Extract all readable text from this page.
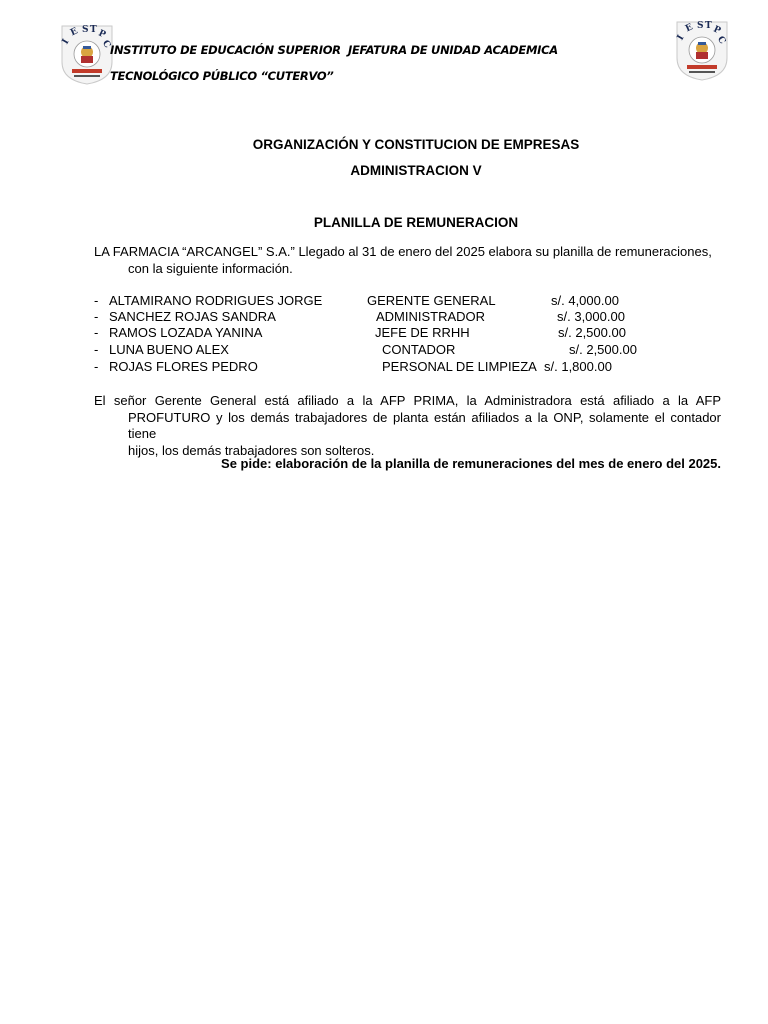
I
E S T P
C
I
E S T P
C
INSTITUTO DE EDUCACIÓN SUPERIOR JEFATURA DE UNIDAD ACADEMICA
TECNOLÓGICO PÚBLICO “CUTERVO”
ORGANIZACIÓN Y CONSTITUCION DE EMPRESAS
ADMINISTRACION V
PLANILLA DE REMUNERACION
LA FARMACIA “ARCANGEL” S.A.” Llegado al 31 de enero del 2025 elabora su planilla de remuneraciones,
con la siguiente información.
- ALTAMIRANO RODRIGUES JORGE	GERENTE GENERAL	s/. 4,000.00
- SANCHEZ ROJAS SANDRA	ADMINISTRADOR	s/. 3,000.00
- RAMOS LOZADA YANINA	JEFE DE RRHH	s/. 2,500.00
- LUNA BUENO ALEX	CONTADOR	s/. 2,500.00
- ROJAS FLORES PEDRO	PERSONAL DE LIMPIEZA s/. 1,800.00
El señor Gerente General está afiliado a la AFP PRIMA, la Administradora está afiliado a la AFP
PROFUTURO y los demás trabajadores de planta están afiliados a la ONP, solamente el contador tiene
hijos, los demás trabajadores son solteros.
Se pide: elaboración de la planilla de remuneraciones del mes de enero del 2025.
